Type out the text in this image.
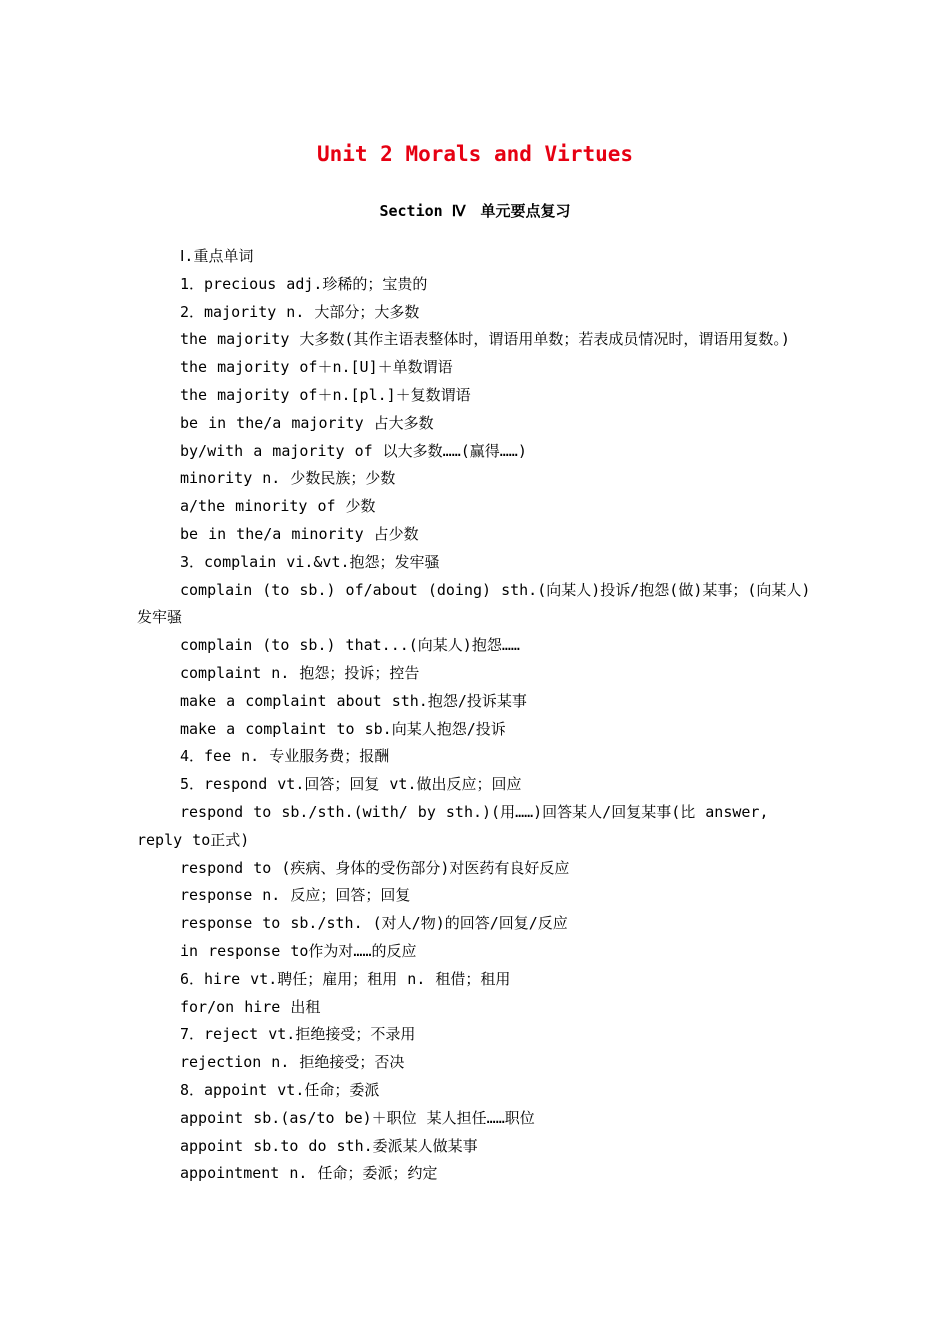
Unit 2 Morals and Virtues
Section Ⅳ　单元要点复习

Ⅰ.重点单词

1．precious adj.珍稀的；宝贵的

2．majority n. 大部分；大多数

the majority 大多数(其作主语表整体时，谓语用单数；若表成员情况时，谓语用复数。)

the majority of＋n.[U]＋单数谓语

the majority of＋n.[pl.]＋复数谓语

be in the/a majority 占大多数

by/with a majority of 以大多数……(赢得……)

minority n. 少数民族；少数

a/the minority of 少数

be in the/a minority 占少数

3．complain vi.&vt.抱怨；发牢骚

complain (to sb.) of/about (doing) sth.(向某人)投诉/抱怨(做)某事；(向某人)发牢骚

complain (to sb.) that...(向某人)抱怨……

complaint n. 抱怨；投诉；控告

make a complaint about sth.抱怨/投诉某事

make a complaint to sb.向某人抱怨/投诉

4．fee n. 专业服务费；报酬

5．respond vt.回答；回复 vt.做出反应；回应

respond to sb./sth.(with/ by sth.)(用……)回答某人/回复某事(比 answer, reply to正式)

respond to (疾病、身体的受伤部分)对医药有良好反应

response n. 反应；回答；回复

response to sb./sth. (对人/物)的回答/回复/反应

in response to作为对……的反应

6．hire vt.聘任；雇用；租用 n. 租借；租用

for/on hire 出租

7．reject vt.拒绝接受；不录用

rejection n. 拒绝接受；否决

8．appoint vt.任命；委派

appoint sb.(as/to be)＋职位 某人担任……职位

appoint sb.to do sth.委派某人做某事

appointment n. 任命；委派；约定
